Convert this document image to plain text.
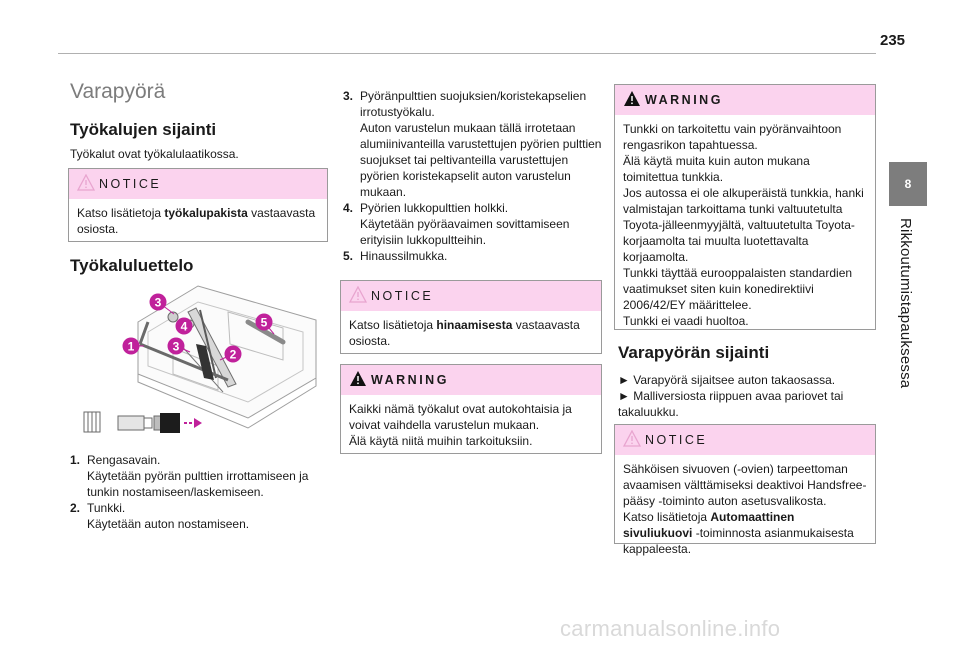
235
8
Rikkoutumistapauksessa
Varapyörä
Työkalujen sijainti
Työkalut ovat työkalulaatikossa.
NOTICE
Katso lisätietoja työkalupakista vastaavasta osiosta.
Työkaluluettelo
3
4	5
1	3
2
1. Rengasavain.
Käytetään pyörän pulttien irrottamiseen ja tunkin nostamiseen/laskemiseen.
2. Tunkki.
Käytetään auton nostamiseen.
3. Pyöränpulttien suojuksien/koristekapselien irrotustyökalu.
Auton varustelun mukaan tällä irrotetaan alumiinivanteilla varustettujen pyörien pulttien suojukset tai peltivanteilla varustettujen pyörien koristekapselit auton varustelun mukaan.
4. Pyörien lukkopulttien holkki.
Käytetään pyöräavaimen sovittamiseen erityisiin lukkopultteihin.
5. Hinaussilmukka.
NOTICE
Katso lisätietoja hinaamisesta vastaavasta osiosta.
WARNING
Kaikki nämä työkalut ovat autokohtaisia ja voivat vaihdella varustelun mukaan.
Älä käytä niitä muihin tarkoituksiin.
WARNING
Tunkki on tarkoitettu vain pyöränvaihtoon rengasrikon tapahtuessa.
Älä käytä muita kuin auton mukana toimitettua tunkkia.
Jos autossa ei ole alkuperäistä tunkkia, hanki valmistajan tarkoittama tunki valtuutetulta Toyota-jälleenmyyjältä, valtuutetulta Toyota-korjaamolta tai muulta luotettavalta korjaamolta.
Tunkki täyttää eurooppalaisten standardien vaatimukset siten kuin konedirektiivi 2006/42/EY määrittelee.
Tunkki ei vaadi huoltoa.
Varapyörän sijainti
► Varapyörä sijaitsee auton takaosassa.
► Malliversiosta riippuen avaa pariovet tai takaluukku.
NOTICE
Sähköisen sivuoven (-ovien) tarpeettoman avaamisen välttämiseksi deaktivoi Handsfree-pääsy -toiminto auton asetusvalikosta.
Katso lisätietoja Automaattinen sivuliukuovi -toiminnosta asianmukaisesta kappaleesta.
carmanualsonline.info
